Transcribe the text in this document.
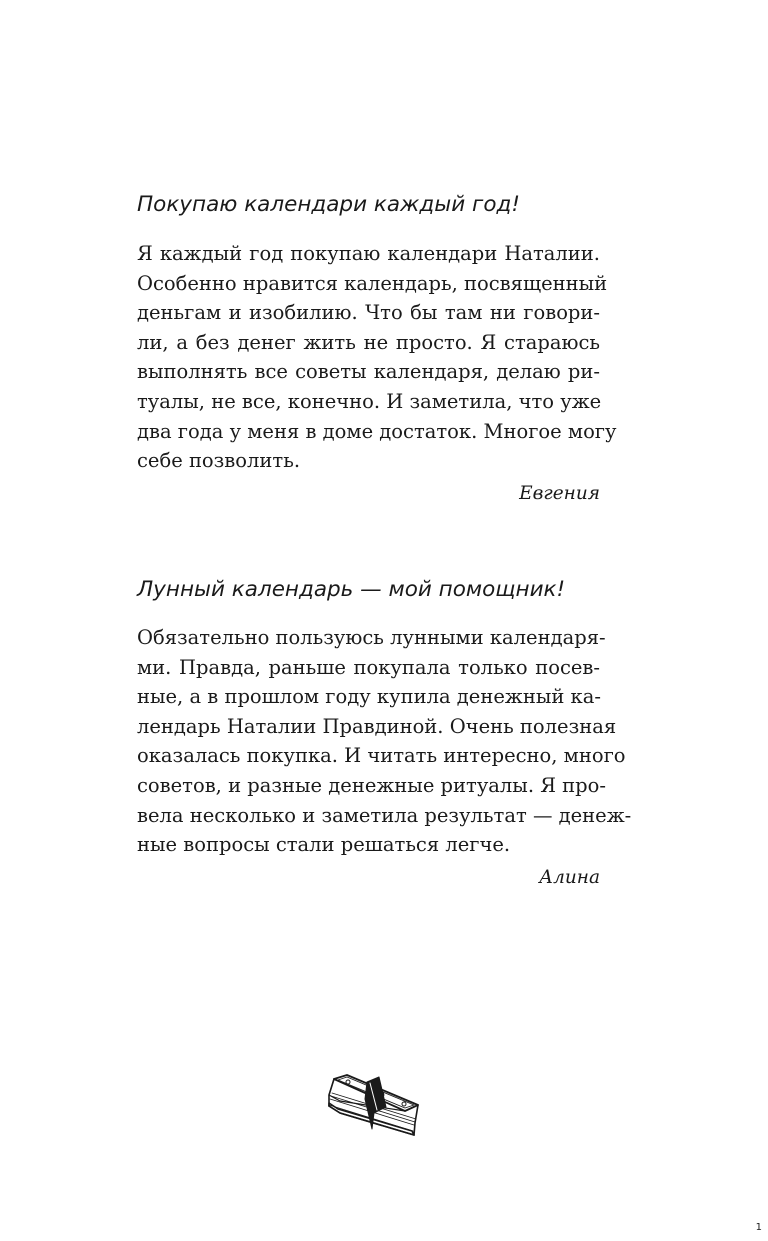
Покупаю календари каждый год!
Я каждый год покупаю календари Наталии.
Особенно нравится календарь, посвященный
деньгам и изобилию. Что бы там ни говори-
ли, а без денег жить не просто. Я стараюсь
выполнять все советы календаря, делаю ри-
туалы, не все, конечно. И заметила, что уже
два года у меня в доме достаток. Многое могу
себе позволить.

Евгения

Лунный календарь — мой помощник!
Обязательно пользуюсь лунными календаря-
ми. Правда, раньше покупала только посев-
ные, а в прошлом году купила денежный ка-
лендарь Наталии Правдиной. Очень полезная
оказалась покупка. И читать интересно, много
советов, и разные денежные ритуалы. Я про-
вела несколько и заметила результат — денеж-
ные вопросы стали решаться легче.

Алина

1
